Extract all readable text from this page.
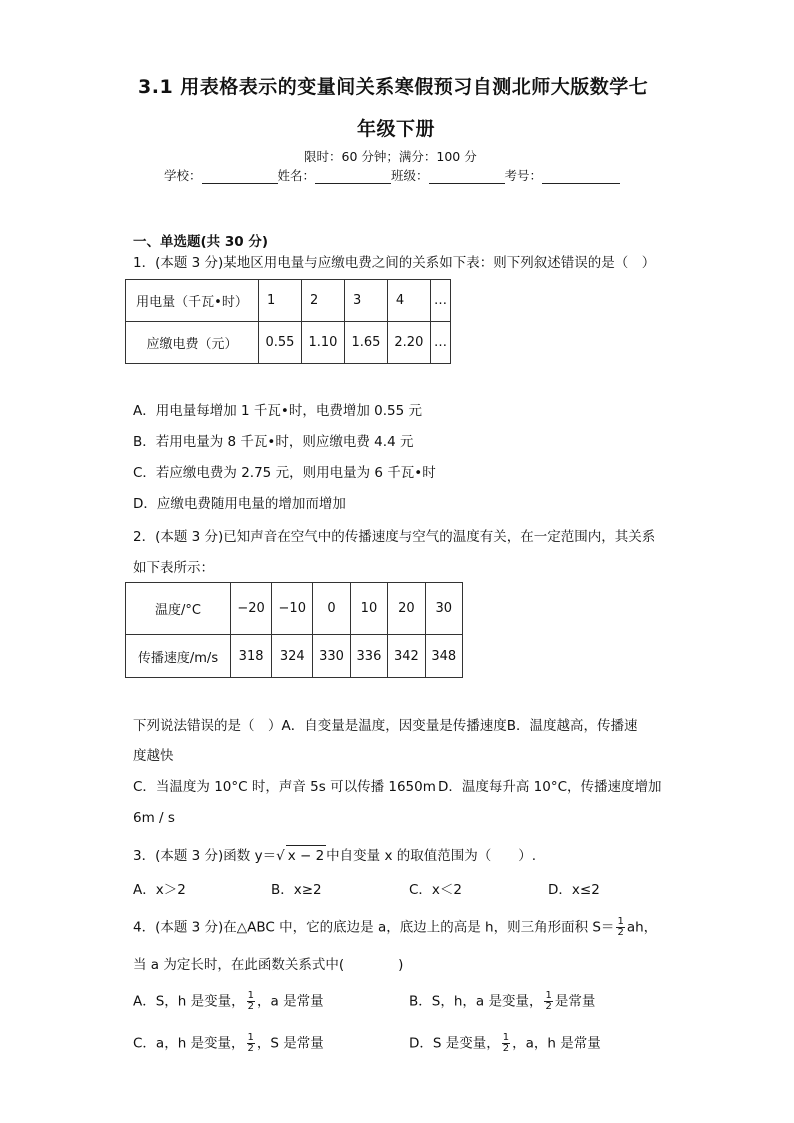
3.1 用表格表示的变量间关系寒假预习自测北师大版数学七
年级下册
限时：60 分钟；满分：100 分
学校：	姓名：	班级：	考号：
一、单选题(共 30 分)
1．(本题 3 分)某地区用电量与应缴电费之间的关系如下表：则下列叙述错误的是（　）
用电量（千瓦•时）	1	2	3	4	…
应缴电费（元）	0.55	1.10	1.65	2.20	…
A．用电量每增加 1 千瓦•时，电费增加 0.55 元
B．若用电量为 8 千瓦•时，则应缴电费 4.4 元
C．若应缴电费为 2.75 元，则用电量为 6 千瓦•时
D．应缴电费随用电量的增加而增加
2．(本题 3 分)已知声音在空气中的传播速度与空气的温度有关，在一定范围内，其关系
如下表所示：
温度/°C	−20	−10	0	10	20	30
传播速度/m/s	318	324	330	336	342	348
下列说法错误的是（　）A．自变量是温度，因变量是传播速度B．温度越高，传播速
度越快
C．当温度为 10°C 时，声音 5s 可以传播 1650m D．温度每升高 10°C，传播速度增加
6m / s
3．(本题 3 分)函数 y＝√ x − 2 中自变量 x 的取值范围为（　　）.
A．x＞2	B．x≥2	C．x＜2	D．x≤2
4．(本题 3 分)在△ABC 中，它的底边是 a，底边上的高是 h，则三角形面积 $S= \frac{1}{2}$ ah，
当 a 为定长时，在此函数关系式中(　　　　)
A．S，h 是变量， $\frac{1}{2}$ ，a 是常量	B．S，h，a 是变量， $\frac{1}{2}$ 是常量
C．a，h 是变量， $\frac{1}{2}$ ，S 是常量	D．S 是变量， $\frac{1}{2}$ ，a，h 是常量
